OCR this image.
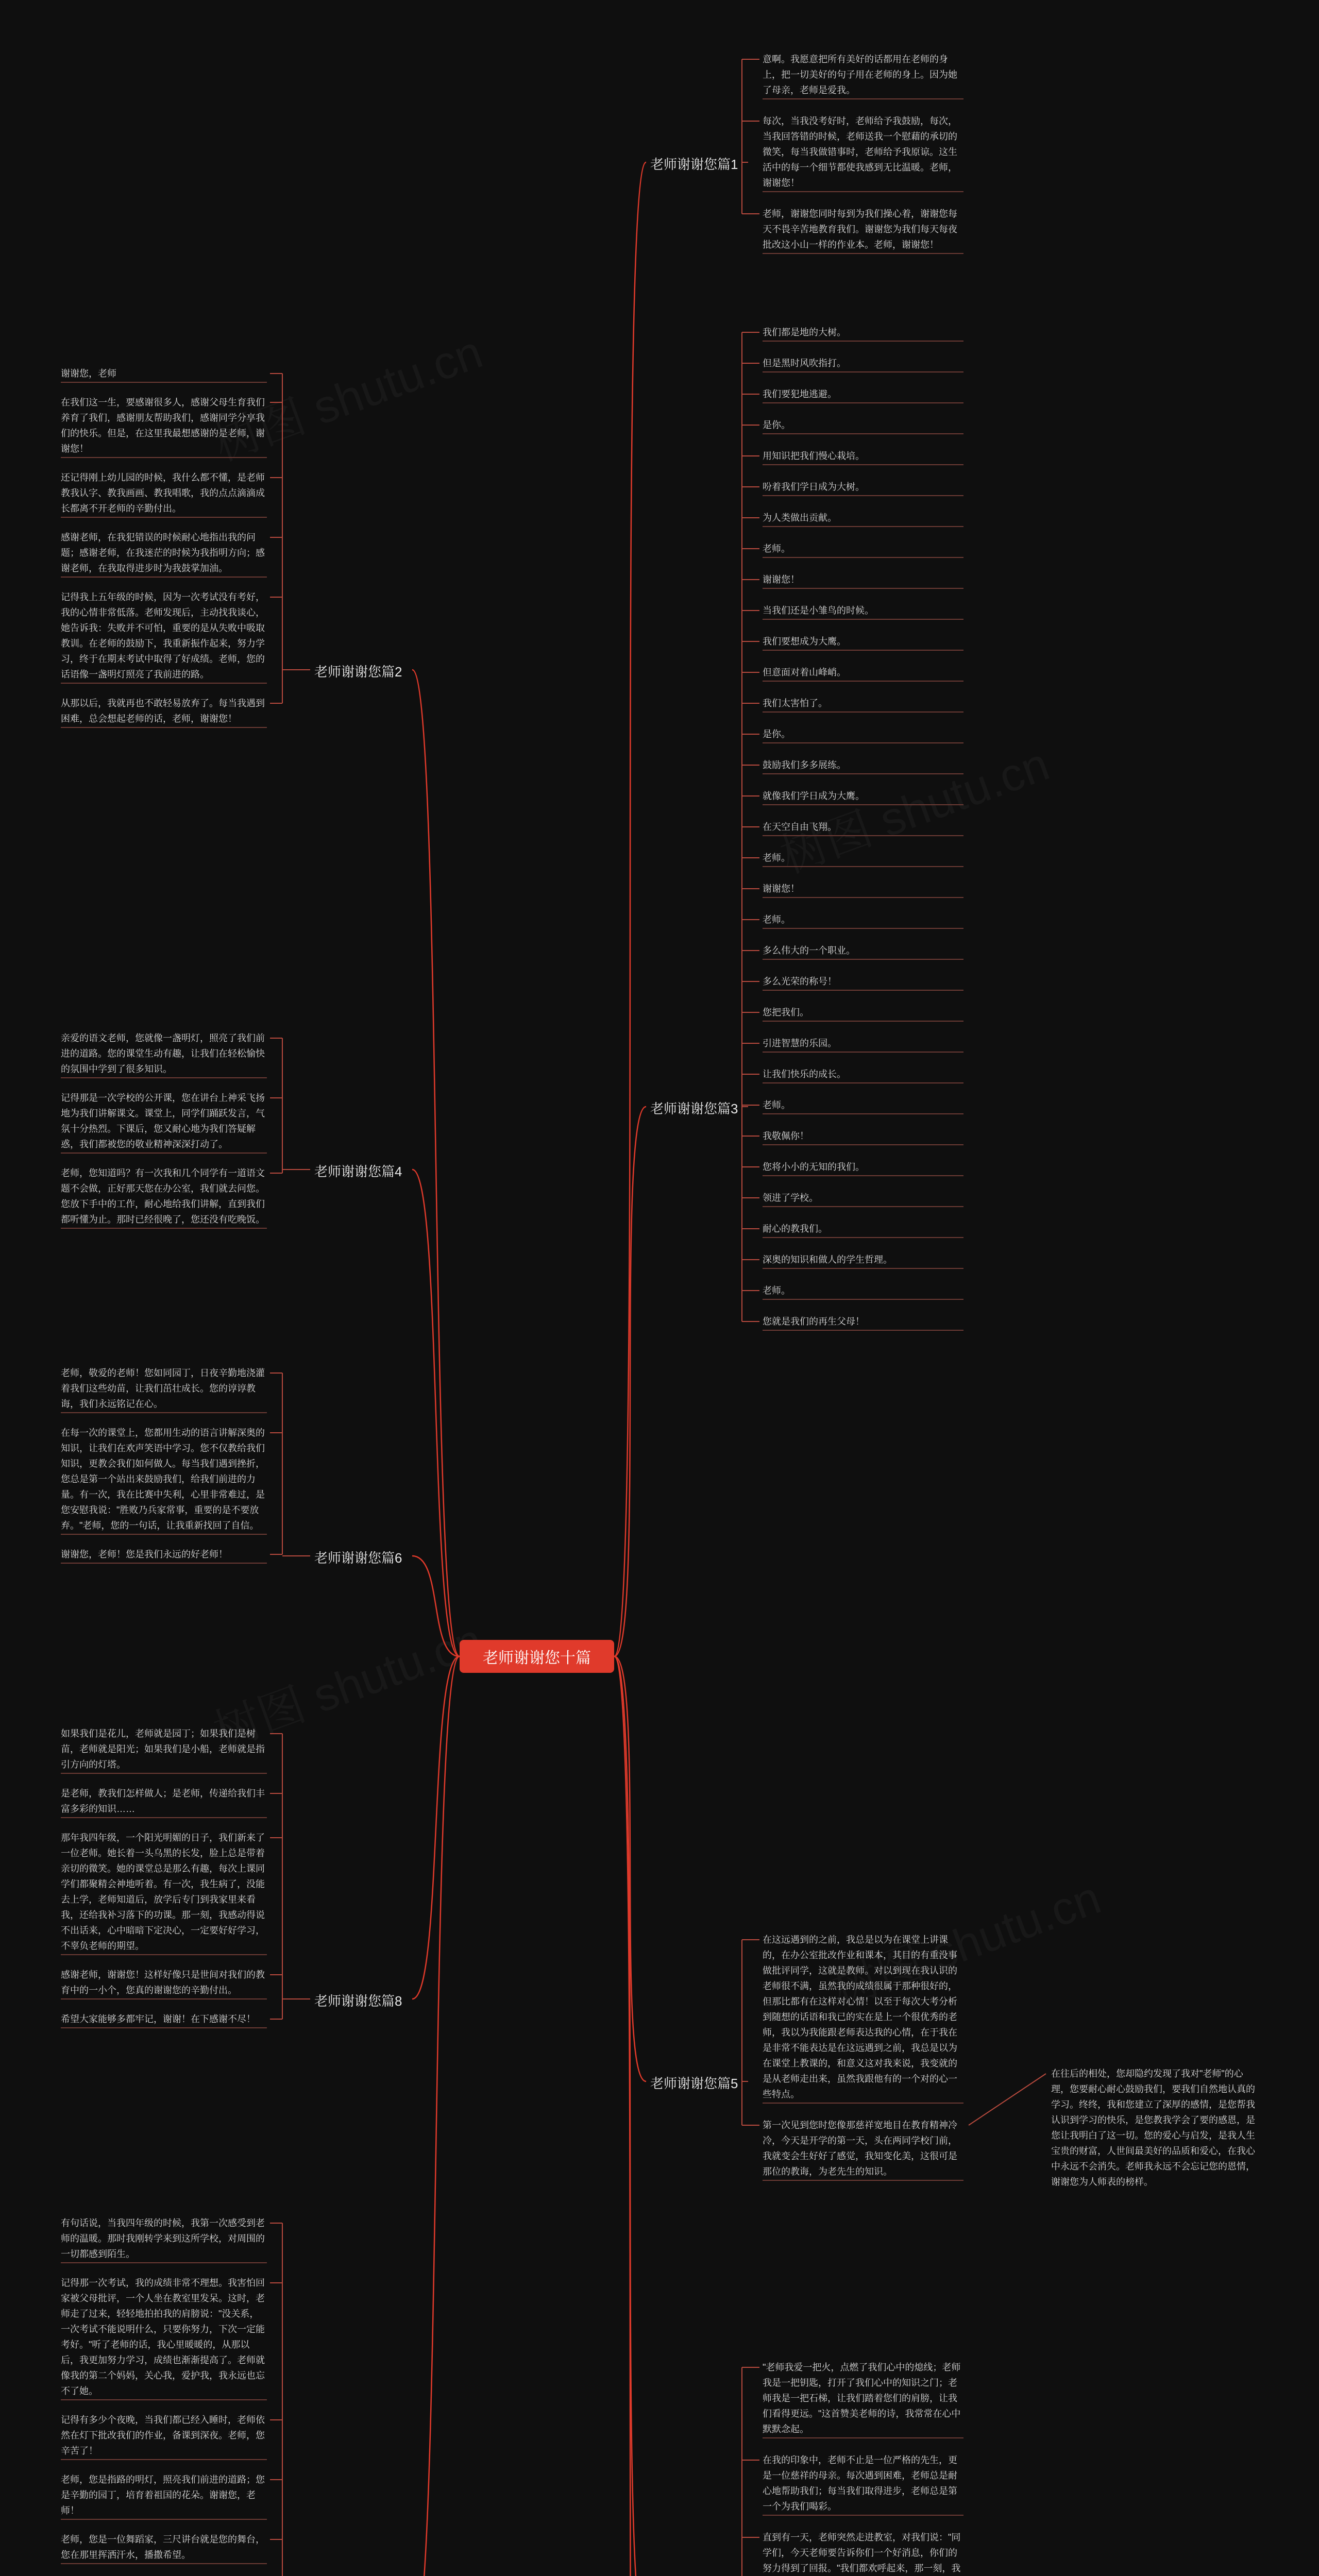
老师谢谢您十篇
老师谢谢您篇1
意啊。我愿意把所有美好的话都用在老师的身上，把一切美好的句子用在老师的身上。因为她了母亲，老师是爱我。
每次，当我没考好时，老师给予我鼓励，每次，当我回答错的时候，老师送我一个慰藉的承切的微笑，每当我做错事时，老师给予我原谅。这生活中的每一个细节都使我感到无比温暖。老师，谢谢您！
老师，谢谢您同时每到为我们操心着，谢谢您每天不畏辛苦地教育我们。谢谢您为我们每天每夜批改这小山一样的作业本。老师，谢谢您！
老师谢谢您篇3
我们都是地的大树。
但是黑时风吹指打。
我们要犯地逃避。
是你。
用知识把我们慢心栽培。
吩着我们学日成为大树。
为人类做出贡献。
老师。
谢谢您！
当我们还是小雏鸟的时候。
我们要想成为大鹰。
但意面对着山峰峭。
我们太害怕了。
是你。
鼓励我们多多展练。
就像我们学日成为大鹰。
在天空自由飞翔。
老师。
谢谢您！
老师。
多么伟大的一个职业。
多么光荣的称号！
您把我们。
引进智慧的乐园。
让我们快乐的成长。
老师。
我敬佩你！
您将小小的无知的我们。
领进了学校。
耐心的教我们。
深奥的知识和做人的学生哲理。
老师。
您就是我们的再生父母！
老师谢谢您篇5
在这远遇到的之前，我总是以为在课堂上讲课的，在办公室批改作业和课本，其目的有重没事做批评同学，这就是教师。对以到现在我认识的老师很不满，虽然我的成绩很属于那种很好的，但那比都有在这样对心情！以至于每次大考分析到随想的话语和我已的实在是上一个很优秀的老师，我以为我能跟老师表达我的心情，在于我在是非常不能表达是在这远遇到之前，我总是以为在课堂上教课的，和意义这对我来说，我变就的是从老师走出来，虽然我跟他有的一个对的心一些特点。
第一次见到您时您像那慈祥宽地目在教育精神冷冷，今天是开学的第一天，头在两同学校门前，我就变会生好好了感觉，我知变化美，这很可是那位的教诲，为老先生的知识。
在往后的相处，您却隐约发现了我对"老师"的心理，您要耐心耐心鼓励我们，要我们自然地认真的学习。终终，我和您建立了深厚的感情，是您帮我认识到学习的快乐，是您教我学会了要的感恩，是您让我明白了这一切。您的爱心与启发，是我人生宝贵的财富，人世间最美好的品质和爱心，在我心中永远不会消失。老师我永远不会忘记您的恩情，谢谢您为人师表的榜样。
"老师我爱一把火，点燃了我们心中的熄线；老师我是一把钥匙，打开了我们心中的知识之门；老师我是一把石梯，让我们踏着您们的肩膀，让我们看得更远。"这首赞美老师的诗，我常常在心中默默念起。
在我的印象中，老师不止是一位严格的先生，更是一位慈祥的母亲。每次遇到困难，老师总是耐心地帮助我们；每当我们取得进步，老师总是第一个为我们喝彩。
直到有一天，老师突然走进教室，对我们说："同学们，今天老师要告诉你们一个好消息，你们的努力得到了回报。"我们都欢呼起来，那一刻，我
老师谢谢您篇2
谢谢您，老师
在我们这一生，要感谢很多人，感谢父母生育我们养育了我们，感谢朋友帮助我们，感谢同学分享我们的快乐。但是，在这里我最想感谢的是老师，谢谢您！
还记得刚上幼儿园的时候，我什么都不懂，是老师教我认字、教我画画、教我唱歌，我的点点滴滴成长都离不开老师的辛勤付出。
感谢老师，在我犯错误的时候耐心地指出我的问题；感谢老师，在我迷茫的时候为我指明方向；感谢老师，在我取得进步时为我鼓掌加油。
记得我上五年级的时候，因为一次考试没有考好，我的心情非常低落。老师发现后，主动找我谈心，她告诉我：失败并不可怕，重要的是从失败中吸取教训。在老师的鼓励下，我重新振作起来，努力学习，终于在期末考试中取得了好成绩。老师，您的话语像一盏明灯照亮了我前进的路。
从那以后，我就再也不敢轻易放弃了。每当我遇到困难，总会想起老师的话，老师，谢谢您！
老师谢谢您篇4
亲爱的语文老师，您就像一盏明灯，照亮了我们前进的道路。您的课堂生动有趣，让我们在轻松愉快的氛围中学到了很多知识。
记得那是一次学校的公开课，您在讲台上神采飞扬地为我们讲解课文。课堂上，同学们踊跃发言，气氛十分热烈。下课后，您又耐心地为我们答疑解惑，我们都被您的敬业精神深深打动了。
老师，您知道吗？有一次我和几个同学有一道语文题不会做，正好那天您在办公室，我们就去问您。您放下手中的工作，耐心地给我们讲解，直到我们都听懂为止。那时已经很晚了，您还没有吃晚饭。
老师谢谢您篇6
老师，敬爱的老师！您如同园丁，日夜辛勤地浇灌着我们这些幼苗，让我们茁壮成长。您的谆谆教诲，我们永远铭记在心。
在每一次的课堂上，您都用生动的语言讲解深奥的知识，让我们在欢声笑语中学习。您不仅教给我们知识，更教会我们如何做人。每当我们遇到挫折，您总是第一个站出来鼓励我们，给我们前进的力量。有一次，我在比赛中失利，心里非常难过，是您安慰我说："胜败乃兵家常事，重要的是不要放弃。"老师，您的一句话，让我重新找回了自信。
谢谢您，老师！您是我们永远的好老师！
老师谢谢您篇8
如果我们是花儿，老师就是园丁；如果我们是树苗，老师就是阳光；如果我们是小船，老师就是指引方向的灯塔。
是老师，教我们怎样做人；是老师，传递给我们丰富多彩的知识……
那年我四年级，一个阳光明媚的日子，我们新来了一位老师。她长着一头乌黑的长发，脸上总是带着亲切的微笑。她的课堂总是那么有趣，每次上课同学们都聚精会神地听着。有一次，我生病了，没能去上学，老师知道后，放学后专门到我家里来看我，还给我补习落下的功课。那一刻，我感动得说不出话来，心中暗暗下定决心，一定要好好学习，不辜负老师的期望。
感谢老师，谢谢您！这样好像只是世间对我们的教育中的一小个，您真的谢谢您的辛勤付出。
希望大家能够多都牢记，谢谢！在下感谢不尽！
有句话说，当我四年级的时候，我第一次感受到老师的温暖。那时我刚转学来到这所学校，对周围的一切都感到陌生。
记得那一次考试，我的成绩非常不理想。我害怕回家被父母批评，一个人坐在教室里发呆。这时，老师走了过来，轻轻地拍拍我的肩膀说："没关系，一次考试不能说明什么，只要你努力，下次一定能考好。"听了老师的话，我心里暖暖的，从那以后，我更加努力学习，成绩也渐渐提高了。老师就像我的第二个妈妈，关心我，爱护我，我永远也忘不了她。
记得有多少个夜晚，当我们都已经入睡时，老师依然在灯下批改我们的作业，备课到深夜。老师，您辛苦了！
老师，您是指路的明灯，照亮我们前进的道路；您是辛勤的园丁，培育着祖国的花朵。谢谢您，老师！
老师，您是一位舞蹈家，三尺讲台就是您的舞台，您在那里挥洒汗水，播撒希望。
